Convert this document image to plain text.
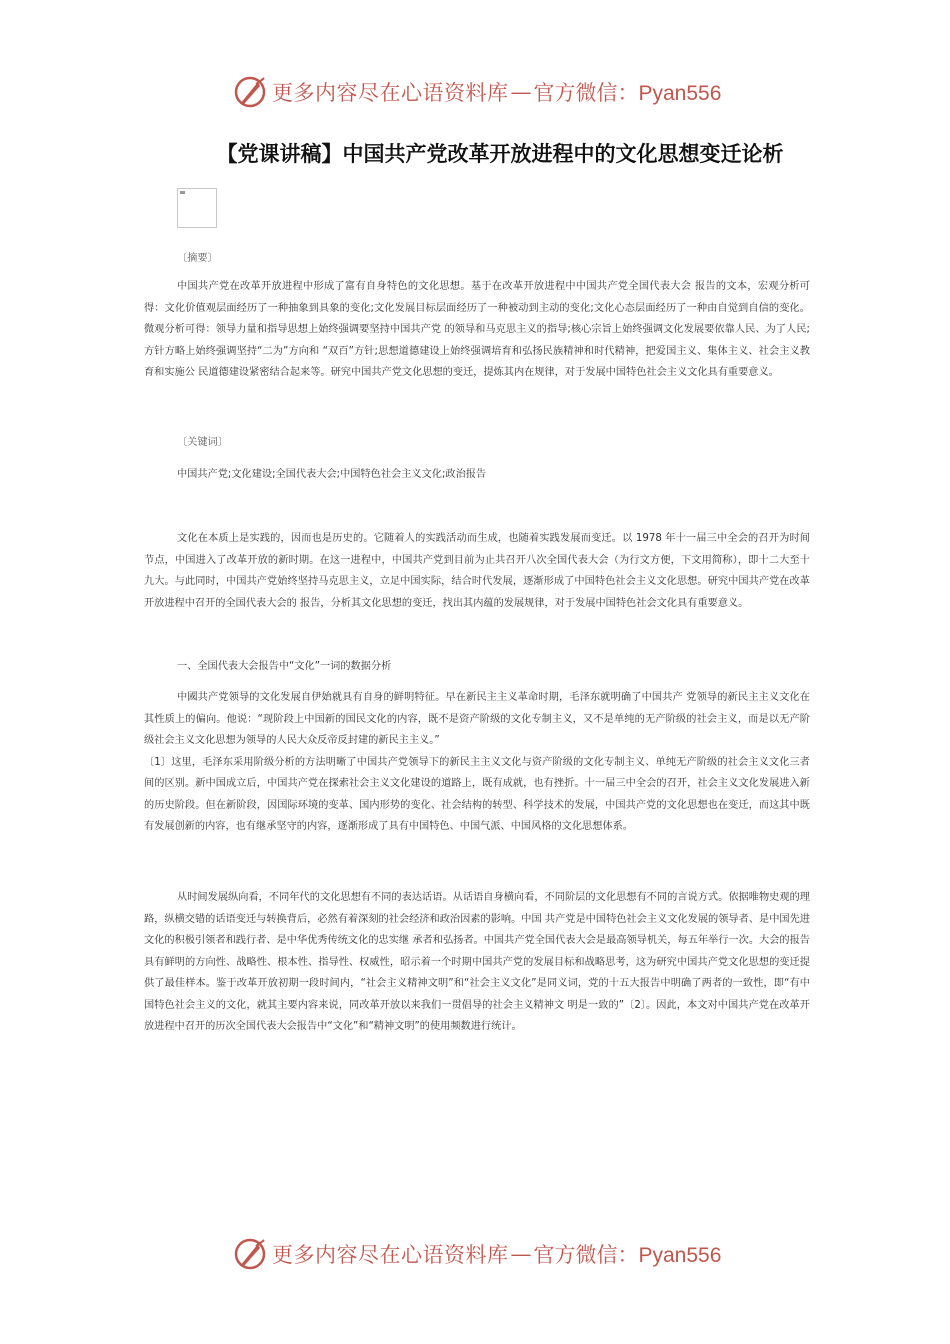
更多内容尽在心语资料库 — 官方微信：Pyan556
【党课讲稿】中国共产党改革开放进程中的文化思想变迁论析
〔摘要〕

中国共产党在改革开放进程中形成了富有自身特色的文化思想。基于在改革开放进程中中国共产党全国代表大会 报告的文本，宏观分析可得：文化价值观层面经历了一种抽象到具象的变化;文化发展目标层面经历了一种被动到主动的变化;文化心态层面经历了一种由自觉到自信的变化。微观分析可得：领导力量和指导思想上始终强调要坚持中国共产党 的领导和马克思主义的指导;核心宗旨上始终强调文化发展要依靠人民、为了人民;方针方略上始终强调坚持“二为”方向和 “双百”方针;思想道德建设上始终强调培育和弘扬民族精神和时代精神，把爱国主义、集体主义、社会主义教育和实施公 民道德建设紧密结合起来等。研究中国共产党文化思想的变迁，提炼其内在规律，对于发展中国特色社会主义文化具有重要意义。

〔关键词〕
中国共产党;文化建设;全国代表大会;中国特色社会主义文化;政治报告

文化在本质上是实践的，因而也是历史的。它随着人的实践活动而生成，也随着实践发展而变迁。以 1978 年十一届三中全会的召开为时间节点，中国进入了改革开放的新时期。在这一进程中，中国共产党到目前为止共召开八次全国代表大会（为行文方便，下文用简称），即十二大至十九大。与此同时，中国共产党始终坚持马克思主义，立足中国实际，结合时代发展，逐渐形成了中国特色社会主义文化思想。研究中国共产党在改革开放进程中召开的全国代表大会的 报告，分析其文化思想的变迁，找出其内蕴的发展规律，对于发展中国特色社会文化具有重要意义。

一、全国代表大会报告中“文化”一词的数据分析

中國共产党领导的文化发展自伊始就具有自身的鲜明特征。早在新民主主义革命时期，毛泽东就明确了中国共产 党领导的新民主主义文化在其性质上的偏向。他说：“现阶段上中国新的国民文化的内容，既不是资产阶级的文化专制主义，又不是单纯的无产阶级的社会主义，而是以无产阶级社会主义文化思想为领导的人民大众反帝反封建的新民主主义。”

〔1〕这里，毛泽东采用阶级分析的方法明晰了中国共产党领导下的新民主主义文化与资产阶级的文化专制主义、单纯无产阶级的社会主义文化三者间的区别。新中国成立后，中国共产党在探索社会主义文化建设的道路上，既有成就，也有挫折。十一届三中全会的召开，社会主义文化发展进入新的历史阶段。但在新阶段，因国际环境的变革、国内形势的变化、社会结构的转型、科学技术的发展，中国共产党的文化思想也在变迁，而这其中既有发展创新的内容，也有继承坚守的内容，逐渐形成了具有中国特色、中国气派、中国风格的文化思想体系。

从时间发展纵向看，不同年代的文化思想有不同的表达话语。从话语自身横向看，不同阶层的文化思想有不同的言说方式。依据唯物史观的理路，纵横交错的话语变迁与转换背后，必然有着深刻的社会经济和政治因素的影响。中国 共产党是中国特色社会主义文化发展的领导者、是中国先进文化的积极引领者和践行者、是中华优秀传统文化的忠实继 承者和弘扬者。中国共产党全国代表大会是最高领导机关，每五年举行一次。大会的报告具有鲜明的方向性、战略性、根本性、指导性、权威性，昭示着一个时期中国共产党的发展目标和战略思考，这为研究中国共产党文化思想的变迁提供了最佳样本。鉴于改革开放初期一段时间内，“社会主义精神文明”和“社会主义文化”是同义词，党的十五大报告中明确了两者的一致性，即“有中国特色社会主义的文化，就其主要内容来说，同改革开放以来我们一贯倡导的社会主义精神文 明是一致的”〔2〕。因此，本文对中国共产党在改革开放进程中召开的历次全国代表大会报告中“文化”和“精神文明”的使用频数进行统计。

更多内容尽在心语资料库 — 官方微信：Pyan556
